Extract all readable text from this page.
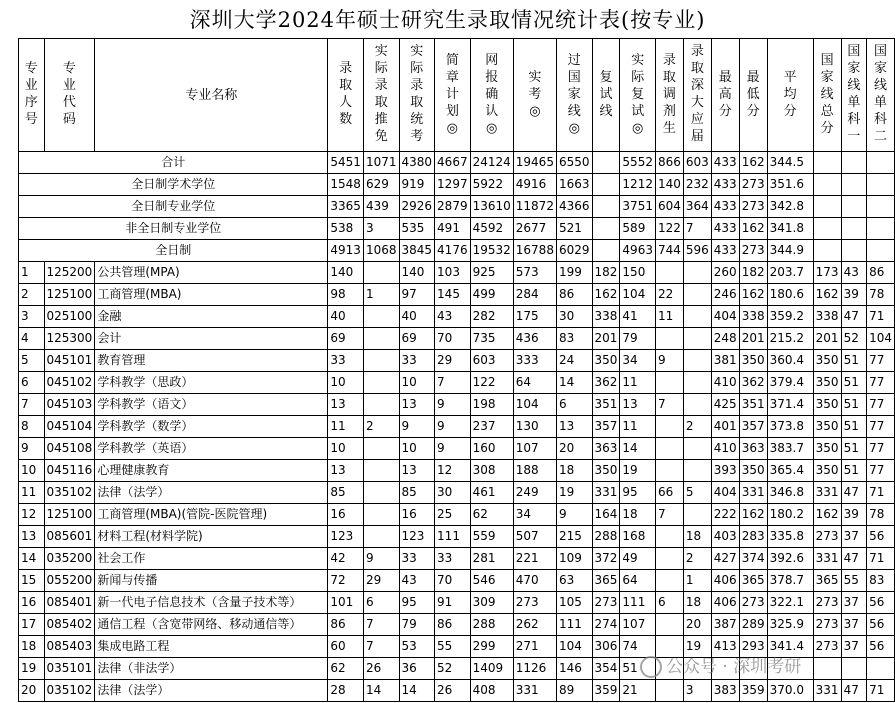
深圳大学2024年硕士研究生录取情况统计表(按专业)
专业序号	专业代码	专业名称	录取人数	实际录取推免	实际录取统考	简章计划◎	网报确认◎	实考◎	过国家线◎	复试线	实际复试◎	录取调剂生	录取深大应届	最高分	最低分	平均分	国家线总分	国家线单科一	国家线单科二
合计			5451	1071	4380	4667	24124	19465	6550		5552	866	603	433	162	344.5			
全日制学术学位			1548	629	919	1297	5922	4916	1663		1212	140	232	433	273	351.6			
全日制专业学位			3365	439	2926	2879	13610	11872	4366		3751	604	364	433	273	342.8			
非全日制专业学位			538	3	535	491	4592	2677	521		589	122	7	433	162	341.8			
全日制			4913	1068	3845	4176	19532	16788	6029		4963	744	596	433	273	344.9			
1	125200	公共管理(MPA)	140		140	103	925	573	199	182	150			260	182	203.7	173	43	86
2	125100	工商管理(MBA)	98	1	97	145	499	284	86	162	104	22		246	162	180.6	162	39	78
3	025100	金融	40		40	43	282	175	30	338	41	11		404	338	359.2	338	47	71
4	125300	会计	69		69	70	735	436	83	201	79			248	201	215.2	201	52	104
5	045101	教育管理	33		33	29	603	333	24	350	34	9		381	350	360.4	350	51	77
6	045102	学科教学（思政）	10		10	7	122	64	14	362	11			410	362	379.4	350	51	77
7	045103	学科教学（语文）	13		13	9	198	104	6	351	13	7		425	351	371.4	350	51	77
8	045104	学科教学（数学）	11	2	9	9	237	130	13	357	11		2	401	357	373.8	350	51	77
9	045108	学科教学（英语）	10		10	9	160	107	20	363	14			410	363	383.7	350	51	77
10	045116	心理健康教育	13		13	12	308	188	18	350	19			393	350	365.4	350	51	77
11	035102	法律（法学）	85		85	30	461	249	19	331	95	66	5	404	331	346.8	331	47	71
12	125100	工商管理(MBA)(管院-医院管理)	16		16	25	62	34	9	164	18	7		222	162	180.2	162	39	78
13	085601	材料工程(材料学院)	123		123	111	559	507	215	288	168		18	403	283	335.8	273	37	56
14	035200	社会工作	42	9	33	33	281	221	109	372	49		2	427	374	392.6	331	47	71
15	055200	新闻与传播	72	29	43	70	546	470	63	365	64		1	406	365	378.7	365	55	83
16	085401	新一代电子信息技术（含量子技术等）	101	6	95	91	309	273	105	273	111	6	18	406	273	322.1	273	37	56
17	085402	通信工程（含宽带网络、移动通信等）	86	7	79	86	288	262	111	274	107		20	387	289	325.9	273	37	56
18	085403	集成电路工程	60	7	53	55	299	271	104	306	74		19	413	293	341.4	273	37	56
19	035101	法律（非法学）	62	26	36	52	1409	1126	146	354	51								
20	035102	法律（法学）	28	14	14	26	408	331	89	359	21		3	383	359	370.0	331	47	71
公众号 · 深圳考研
